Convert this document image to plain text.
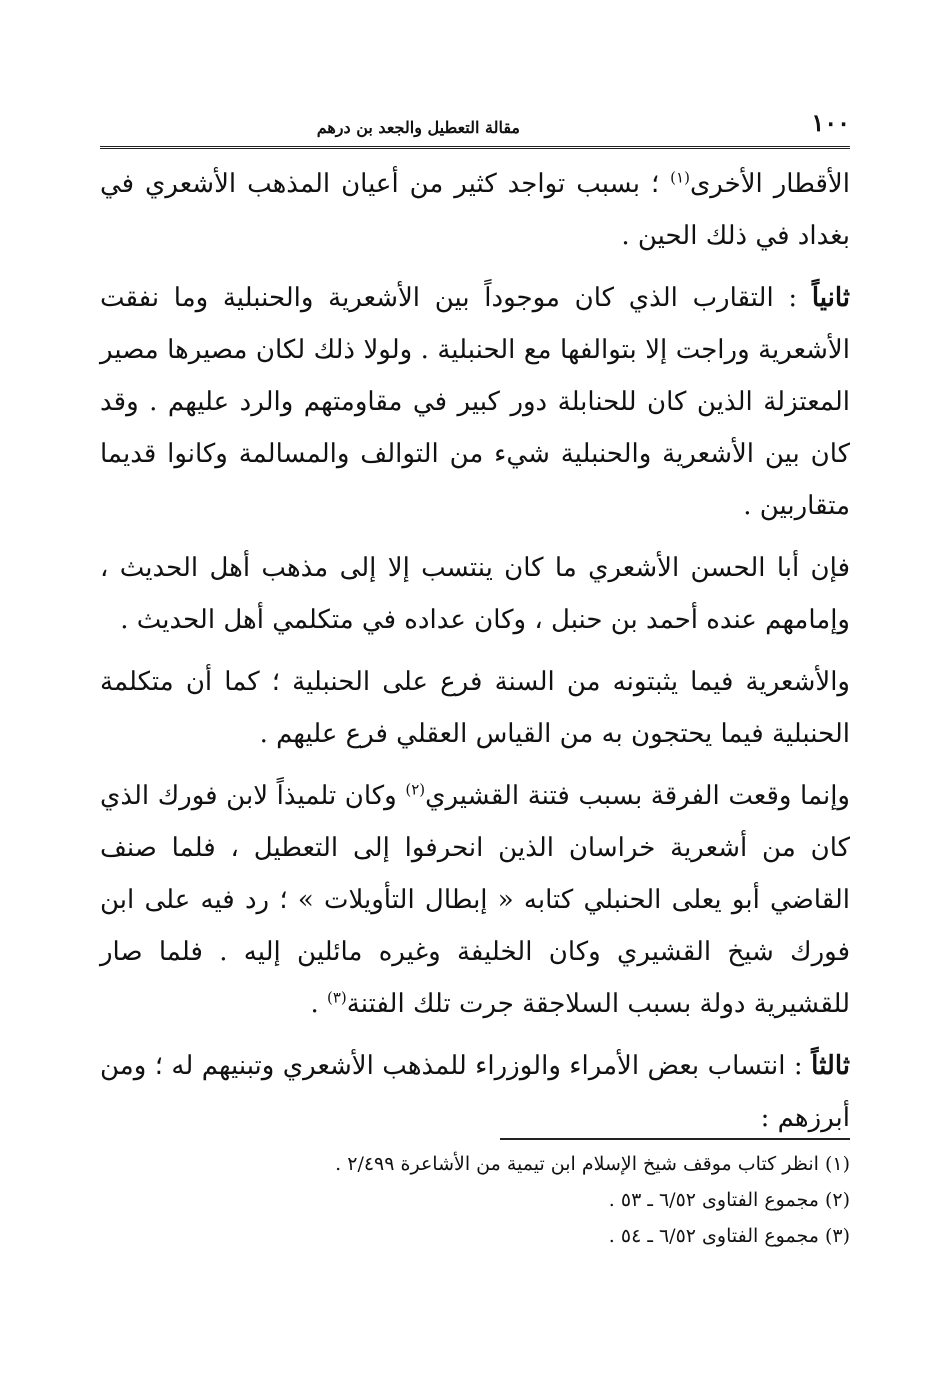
١٠٠
مقالة التعطيل والجعد بن درهم

الأقطار الأخرى$^{(١)}$ ؛ بسبب تواجد كثير من أعيان المذهب الأشعري في بغداد في ذلك الحين .

ثانياً : التقارب الذي كان موجوداً بين الأشعرية والحنبلية وما نفقت الأشعرية وراجت إلا بتوالفها مع الحنبلية . ولولا ذلك لكان مصيرها مصير المعتزلة الذين كان للحنابلة دور كبير في مقاومتهم والرد عليهم . وقد كان بين الأشعرية والحنبلية شيء من التوالف والمسالمة وكانوا قديما متقاربين .

فإن أبا الحسن الأشعري ما كان ينتسب إلا إلى مذهب أهل الحديث ، وإمامهم عنده أحمد بن حنبل ، وكان عداده في متكلمي أهل الحديث .

والأشعرية فيما يثبتونه من السنة فرع على الحنبلية ؛ كما أن متكلمة الحنبلية فيما يحتجون به من القياس العقلي فرع عليهم .

وإنما وقعت الفرقة بسبب فتنة القشيري$^{(٢)}$ وكان تلميذاً لابن فورك الذي كان من أشعرية خراسان الذين انحرفوا إلى التعطيل ، فلما صنف القاضي أبو يعلى الحنبلي كتابه « إبطال التأويلات » ؛ رد فيه على ابن فورك شيخ القشيري وكان الخليفة وغيره مائلين إليه . فلما صار للقشيرية دولة بسبب السلاجقة جرت تلك الفتنة$^{(٣)}$ .

ثالثاً : انتساب بعض الأمراء والوزراء للمذهب الأشعري وتبنيهم له ؛ ومن أبرزهم :

(١) انظر كتاب موقف شيخ الإسلام ابن تيمية من الأشاعرة ٢/٤٩٩ .

(٢) مجموع الفتاوى ٦/٥٢ ـ ٥٣ .

(٣) مجموع الفتاوى ٦/٥٢ ـ ٥٤ .
